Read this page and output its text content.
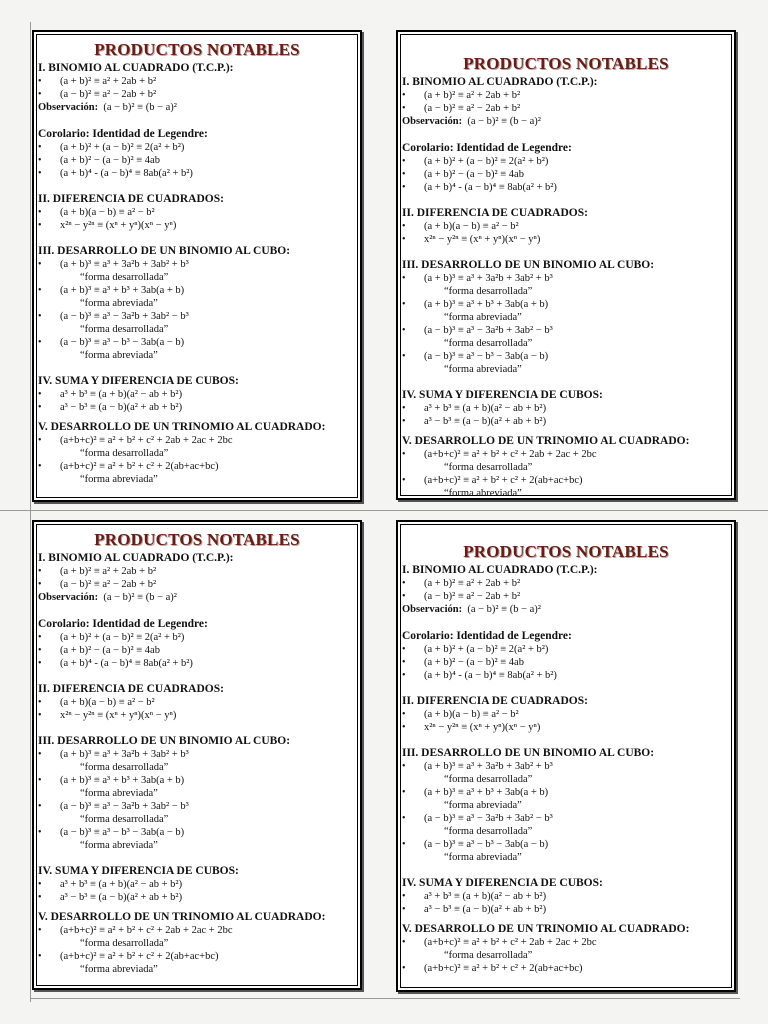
PRODUCTOS NOTABLES
I. BINOMIO AL CUADRADO (T.C.P.):
• (a + b)² ≡ a² + 2ab + b²
• (a − b)² ≡ a² − 2ab + b²
Observación: (a − b)² ≡ (b − a)²
Corolario: Identidad de Legendre:
• (a + b)² + (a − b)² ≡ 2(a² + b²)
• (a + b)² − (a − b)² ≡ 4ab
• (a + b)⁴ - (a − b)⁴ ≡ 8ab(a² + b²)
II. DIFERENCIA DE CUADRADOS:
• (a + b)(a − b) ≡ a² − b²
• x²ⁿ − y²ⁿ ≡ (xⁿ + yⁿ)(xⁿ − yⁿ)
III. DESARROLLO DE UN BINOMIO AL CUBO:
• (a + b)³ ≡ a³ + 3a²b + 3ab² + b³
“forma desarrollada”
• (a + b)³ ≡ a³ + b³ + 3ab(a + b)
“forma abreviada”
• (a − b)³ ≡ a³ − 3a²b + 3ab² − b³
“forma desarrollada”
• (a − b)³ ≡ a³ − b³ − 3ab(a − b)
“forma abreviada”
IV. SUMA Y DIFERENCIA DE CUBOS:
• a³ + b³ ≡ (a + b)(a² − ab + b²)
• a³ − b³ ≡ (a − b)(a² + ab + b²)
V. DESARROLLO DE UN TRINOMIO AL CUADRADO:
• (a+b+c)² ≡ a² + b² + c² + 2ab + 2ac + 2bc
“forma desarrollada”
• (a+b+c)² ≡ a² + b² + c² + 2(ab+ac+bc)
“forma abreviada”
PRODUCTOS NOTABLES
I. BINOMIO AL CUADRADO (T.C.P.):
• (a + b)² ≡ a² + 2ab + b²
• (a − b)² ≡ a² − 2ab + b²
Observación: (a − b)² ≡ (b − a)²
Corolario: Identidad de Legendre:
• (a + b)² + (a − b)² ≡ 2(a² + b²)
• (a + b)² − (a − b)² ≡ 4ab
• (a + b)⁴ - (a − b)⁴ ≡ 8ab(a² + b²)
II. DIFERENCIA DE CUADRADOS:
• (a + b)(a − b) ≡ a² − b²
• x²ⁿ − y²ⁿ ≡ (xⁿ + yⁿ)(xⁿ − yⁿ)
III. DESARROLLO DE UN BINOMIO AL CUBO:
• (a + b)³ ≡ a³ + 3a²b + 3ab² + b³
“forma desarrollada”
• (a + b)³ ≡ a³ + b³ + 3ab(a + b)
“forma abreviada”
• (a − b)³ ≡ a³ − 3a²b + 3ab² − b³
“forma desarrollada”
• (a − b)³ ≡ a³ − b³ − 3ab(a − b)
“forma abreviada”
IV. SUMA Y DIFERENCIA DE CUBOS:
• a³ + b³ ≡ (a + b)(a² − ab + b²)
• a³ − b³ ≡ (a − b)(a² + ab + b²)
V. DESARROLLO DE UN TRINOMIO AL CUADRADO:
• (a+b+c)² ≡ a² + b² + c² + 2ab + 2ac + 2bc
“forma desarrollada”
• (a+b+c)² ≡ a² + b² + c² + 2(ab+ac+bc)
“forma abreviada”
PRODUCTOS NOTABLES
I. BINOMIO AL CUADRADO (T.C.P.):
• (a + b)² ≡ a² + 2ab + b²
• (a − b)² ≡ a² − 2ab + b²
Observación: (a − b)² ≡ (b − a)²
Corolario: Identidad de Legendre:
• (a + b)² + (a − b)² ≡ 2(a² + b²)
• (a + b)² − (a − b)² ≡ 4ab
• (a + b)⁴ - (a − b)⁴ ≡ 8ab(a² + b²)
II. DIFERENCIA DE CUADRADOS:
• (a + b)(a − b) ≡ a² − b²
• x²ⁿ − y²ⁿ ≡ (xⁿ + yⁿ)(xⁿ − yⁿ)
III. DESARROLLO DE UN BINOMIO AL CUBO:
• (a + b)³ ≡ a³ + 3a²b + 3ab² + b³
“forma desarrollada”
• (a + b)³ ≡ a³ + b³ + 3ab(a + b)
“forma abreviada”
• (a − b)³ ≡ a³ − 3a²b + 3ab² − b³
“forma desarrollada”
• (a − b)³ ≡ a³ − b³ − 3ab(a − b)
“forma abreviada”
IV. SUMA Y DIFERENCIA DE CUBOS:
• a³ + b³ ≡ (a + b)(a² − ab + b²)
• a³ − b³ ≡ (a − b)(a² + ab + b²)
V. DESARROLLO DE UN TRINOMIO AL CUADRADO:
• (a+b+c)² ≡ a² + b² + c² + 2ab + 2ac + 2bc
“forma desarrollada”
• (a+b+c)² ≡ a² + b² + c² + 2(ab+ac+bc)
“forma abreviada”
PRODUCTOS NOTABLES
I. BINOMIO AL CUADRADO (T.C.P.):
• (a + b)² ≡ a² + 2ab + b²
• (a − b)² ≡ a² − 2ab + b²
Observación: (a − b)² ≡ (b − a)²
Corolario: Identidad de Legendre:
• (a + b)² + (a − b)² ≡ 2(a² + b²)
• (a + b)² − (a − b)² ≡ 4ab
• (a + b)⁴ - (a − b)⁴ ≡ 8ab(a² + b²)
II. DIFERENCIA DE CUADRADOS:
• (a + b)(a − b) ≡ a² − b²
• x²ⁿ − y²ⁿ ≡ (xⁿ + yⁿ)(xⁿ − yⁿ)
III. DESARROLLO DE UN BINOMIO AL CUBO:
• (a + b)³ ≡ a³ + 3a²b + 3ab² + b³
“forma desarrollada”
• (a + b)³ ≡ a³ + b³ + 3ab(a + b)
“forma abreviada”
• (a − b)³ ≡ a³ − 3a²b + 3ab² − b³
“forma desarrollada”
• (a − b)³ ≡ a³ − b³ − 3ab(a − b)
“forma abreviada”
IV. SUMA Y DIFERENCIA DE CUBOS:
• a³ + b³ ≡ (a + b)(a² − ab + b²)
• a³ − b³ ≡ (a − b)(a² + ab + b²)
V. DESARROLLO DE UN TRINOMIO AL CUADRADO:
• (a+b+c)² ≡ a² + b² + c² + 2ab + 2ac + 2bc
“forma desarrollada”
• (a+b+c)² ≡ a² + b² + c² + 2(ab+ac+bc)
